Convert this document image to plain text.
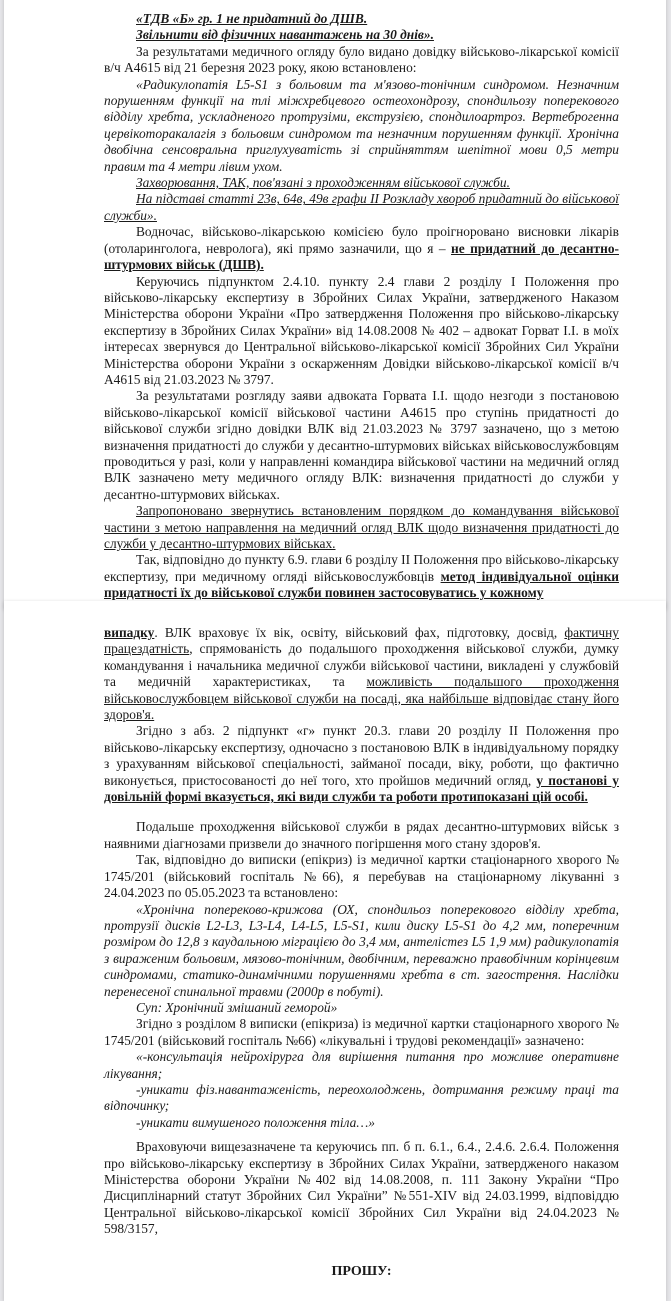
«ТДВ «Б» гр. 1 не придатний до ДШВ.

Звільнити від фізичних навантажень на 30 днів».

За результатами медичного огляду було видано довідку військово-лікарської комісії в/ч А4615 від 21 березня 2023 року, якою встановлено:

«Радикулопатія L5-S1 з больовим та м'язово-тонічним синдромом. Незначним порушенням функції на тлі міжхребцевого остеохондрозу, спондильозу поперекового відділу хребта, ускладненого протрузіми, екструзією, спондилоартроз. Вертеброгенна цервікоторакалагія з больовим синдромом та незначним порушенням функції. Хронічна двобічна сенсовральна приглухуватість зі сприйняттям шепітної мови 0,5 метри правим та 4 метри лівим ухом.

Захворювання, ТАК, пов'язані з проходженням військової служби.

На підставі статті 23в, 64в, 49в графи II Розкладу хвороб придатний до військової служби».

Водночас, військово-лікарською комісією було проігноровано висновки лікарів (отоларинголога, невролога), які прямо зазначили, що я – не придатний до десантно-штурмових військ (ДШВ).

Керуючись підпунктом 2.4.10. пункту 2.4 глави 2 розділу I Положення про військово-лікарську експертизу в Збройних Силах України, затвердженого Наказом Міністерства оборони України «Про затвердження Положення про військово-лікарську експертизу в Збройних Силах України» від 14.08.2008 № 402 – адвокат Горват І.І. в моїх інтересах звернувся до Центральної військово-лікарської комісії Збройних Сил України Міністерства оборони України з оскарженням Довідки військово-лікарської комісії в/ч А4615 від 21.03.2023 № 3797.

За результатами розгляду заяви адвоката Горвата І.І. щодо незгоди з постановою військово-лікарської комісії військової частини А4615 про ступінь придатності до військової служби згідно довідки ВЛК від 21.03.2023 № 3797 зазначено, що з метою визначення придатності до служби у десантно-штурмових військах військовослужбовцям проводиться у разі, коли у направленні командира військової частини на медичний огляд ВЛК зазначено мету медичного огляду ВЛК: визначення придатності до служби у десантно-штурмових військах.

Запропоновано звернутись встановленим порядком до командування військової частини з метою направлення на медичний огляд ВЛК щодо визначення придатності до служби у десантно-штурмових військах.

Так, відповідно до пункту 6.9. глави 6 розділу II Положення про військово-лікарську експертизу, при медичному огляді військовослужбовців метод індивідуальної оцінки придатності їх до військової служби повинен застосовуватись у кожному

випадку. ВЛК враховує їх вік, освіту, військовий фах, підготовку, досвід, фактичну працездатність, спрямованість до подальшого проходження військової служби, думку командування і начальника медичної служби військової частини, викладені у службовій та медичній характеристиках, та можливість подальшого проходження військовослужбовцем військової служби на посаді, яка найбільше відповідає стану його здоров'я.

Згідно з абз. 2 підпункт «г» пункт 20.3. глави 20 розділу II Положення про військово-лікарську експертизу, одночасно з постановою ВЛК в індивідуальному порядку з урахуванням військової спеціальності, займаної посади, віку, роботи, що фактично виконується, пристосованості до неї того, хто пройшов медичний огляд, у постанові у довільній формі вказується, які види служби та роботи протипоказані цій особі.

Подальше проходження військової служби в рядах десантно-штурмових військ з наявними діагнозами призвели до значного погіршення мого стану здоров'я.

Так, відповідно до виписки (епікриз) із медичної картки стаціонарного хворого № 1745/201 (військовий госпіталь №66), я перебував на стаціонарному лікуванні з 24.04.2023 по 05.05.2023 та встановлено:

«Хронічна попереково-крижова (ОХ, спондильоз поперекового відділу хребта, протрузії дисків L2-L3, L3-L4, L4-L5, L5-S1, кили диску L5-S1 до 4,2 мм, поперечним розміром до 12,8 з каудальною міграцією до 3,4 мм, антелістез L5 1,9 мм) радикулопатія з вираженим больовим, мязово-тонічним, двобічним, переважно правобічним корінцевим синдромами, статико-динамічними порушеннями хребта в ст. загострення. Наслідки перенесеної спинальної травми (2000р в побуті).

Суп: Хронічний змішаний геморой»

Згідно з розділом 8 виписки (епікриза) із медичної картки стаціонарного хворого № 1745/201 (військовий госпіталь №66) «лікувальні і трудові рекомендації» зазначено:

«-консультація нейрохірурга для вирішення питання про можливе оперативне лікування;

-уникати фіз.навантаженість, переохолоджень, дотримання режиму праці та відпочинку;

-уникати вимушеного положення тіла…»

Враховуючи вищезазначене та керуючись пп. б п. 6.1., 6.4., 2.4.6. 2.6.4. Положення про військово-лікарську експертизу в Збройних Силах України, затвердженого наказом Міністерства оборони України №402 від 14.08.2008, п. 111 Закону України “Про Дисциплінарний статут Збройних Сил України” №551-XIV від 24.03.1999, відповіддю Центральної військово-лікарської комісії Збройних Сил України від 24.04.2023 № 598/3157,

ПРОШУ:
